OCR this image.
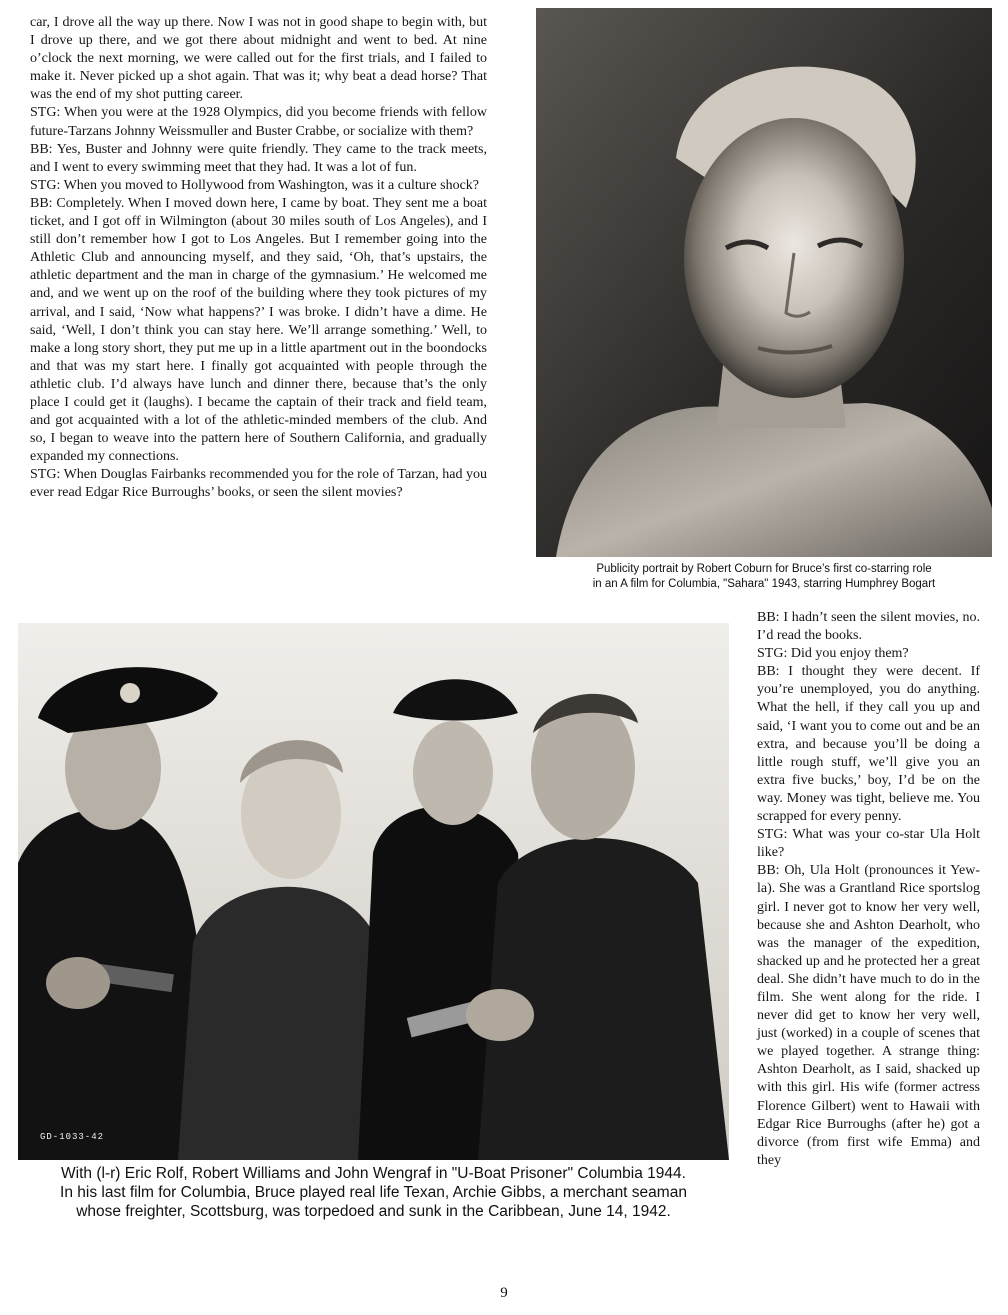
car, I drove all the way up there. Now I was not in good shape to begin with, but I drove up there, and we got there about midnight and went to bed. At nine o’clock the next morning, we were called out for the first trials, and I failed to make it. Never picked up a shot again. That was it; why beat a dead horse? That was the end of my shot putting career.

STG: When you were at the 1928 Olympics, did you become friends with fellow future-Tarzans Johnny Weissmuller and Buster Crabbe, or socialize with them?

BB: Yes, Buster and Johnny were quite friendly. They came to the track meets, and I went to every swimming meet that they had. It was a lot of fun.

STG: When you moved to Hollywood from Washington, was it a culture shock?

BB: Completely. When I moved down here, I came by boat. They sent me a boat ticket, and I got off in Wilmington (about 30 miles south of Los Angeles), and I still don’t remember how I got to Los Angeles. But I remember going into the Athletic Club and announcing myself, and they said, ‘Oh, that’s upstairs, the athletic department and the man in charge of the gymnasium.’ He welcomed me and, and we went up on the roof of the building where they took pictures of my arrival, and I said, ‘Now what happens?’ I was broke. I didn’t have a dime. He said, ‘Well, I don’t think you can stay here. We’ll arrange something.’ Well, to make a long story short, they put me up in a little apartment out in the boondocks and that was my start here. I finally got acquainted with people through the athletic club. I’d always have lunch and dinner there, because that’s the only place I could get it (laughs). I became the captain of their track and field team, and got acquainted with a lot of the athletic-minded members of the club. And so, I began to weave into the pattern here of Southern California, and gradually expanded my connections.

STG: When Douglas Fairbanks recommended you for the role of Tarzan, had you ever read Edgar Rice Burroughs’ books, or seen the silent movies?

Publicity portrait by Robert Coburn for Bruce’s first co-starring role
in an A film for Columbia, "Sahara" 1943, starring Humphrey Bogart
GD-1033-42
With (l-r) Eric Rolf, Robert Williams and John Wengraf in "U-Boat Prisoner" Columbia 1944.
In his last film for Columbia, Bruce played real life Texan, Archie Gibbs, a merchant seaman
whose freighter, Scottsburg, was torpedoed and sunk in the Caribbean, June 14, 1942.

BB: I hadn’t seen the silent movies, no. I’d read the books.

STG: Did you enjoy them?

BB: I thought they were decent. If you’re unemployed, you do anything. What the hell, if they call you up and said, ‘I want you to come out and be an extra, and because you’ll be doing a little rough stuff, we’ll give you an extra five bucks,’ boy, I’d be on the way. Money was tight, believe me. You scrapped for every penny.

STG: What was your co-star Ula Holt like?

BB: Oh, Ula Holt (pronounces it Yew-la). She was a Grantland Rice sportslog girl. I never got to know her very well, because she and Ashton Dearholt, who was the manager of the expedition, shacked up and he protected her a great deal. She didn’t have much to do in the film. She went along for the ride. I never did get to know her very well, just (worked) in a couple of scenes that we played together. A strange thing: Ashton Dearholt, as I said, shacked up with this girl. His wife (former actress Florence Gilbert) went to Hawaii with Edgar Rice Burroughs (after he) got a divorce (from first wife Emma) and they

9
